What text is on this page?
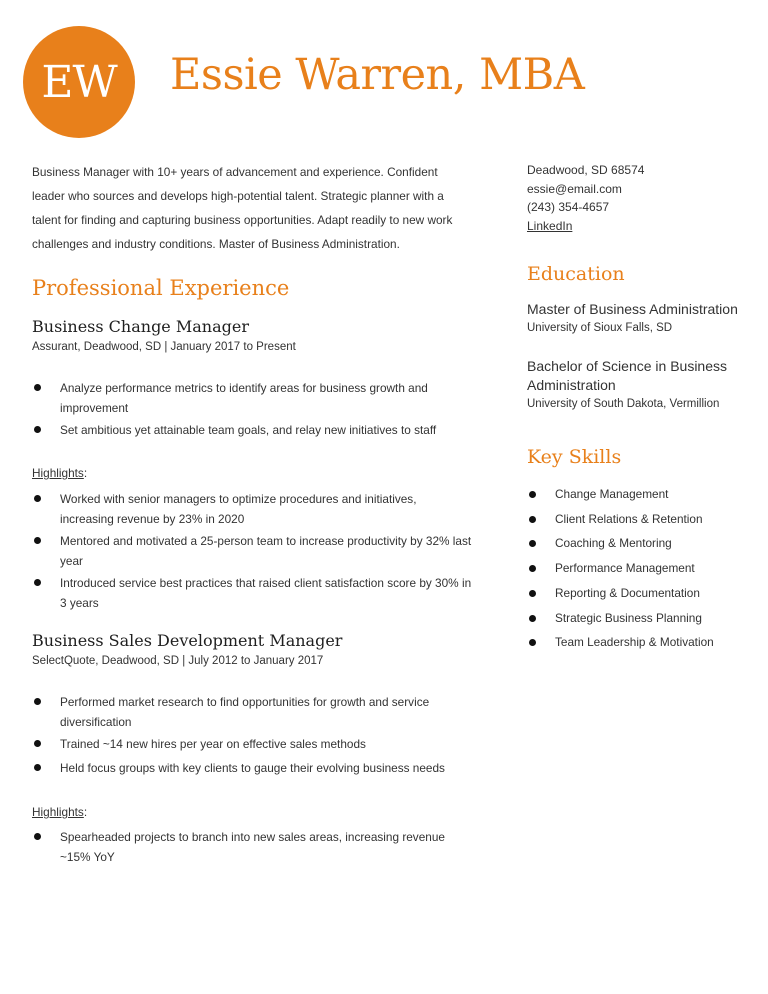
EW	Essie Warren, MBA

Business Manager with 10+ years of advancement and experience. Confident leader who sources and develops high-potential talent. Strategic planner with a talent for finding and capturing business opportunities. Adapt readily to new work challenges and industry conditions. Master of Business Administration.

Deadwood, SD 68574
essie@email.com
(243) 354-4657
LinkedIn
Professional Experience
Business Change Manager
Assurant, Deadwood, SD | January 2017 to Present
Analyze performance metrics to identify areas for business growth and improvement
Set ambitious yet attainable team goals, and relay new initiatives to staff
Highlights:
Worked with senior managers to optimize procedures and initiatives, increasing revenue by 23% in 2020
Mentored and motivated a 25-person team to increase productivity by 32% last year
Introduced service best practices that raised client satisfaction score by 30% in 3 years
Business Sales Development Manager
SelectQuote, Deadwood, SD | July 2012 to January 2017
Performed market research to find opportunities for growth and service diversification
Trained ~14 new hires per year on effective sales methods
Held focus groups with key clients to gauge their evolving business needs
Highlights:
Spearheaded projects to branch into new sales areas, increasing revenue ~15% YoY
Education
Master of Business Administration
University of Sioux Falls, SD
Bachelor of Science in Business Administration
University of South Dakota, Vermillion
Key Skills
Change Management
Client Relations & Retention
Coaching & Mentoring
Performance Management
Reporting & Documentation
Strategic Business Planning
Team Leadership & Motivation
